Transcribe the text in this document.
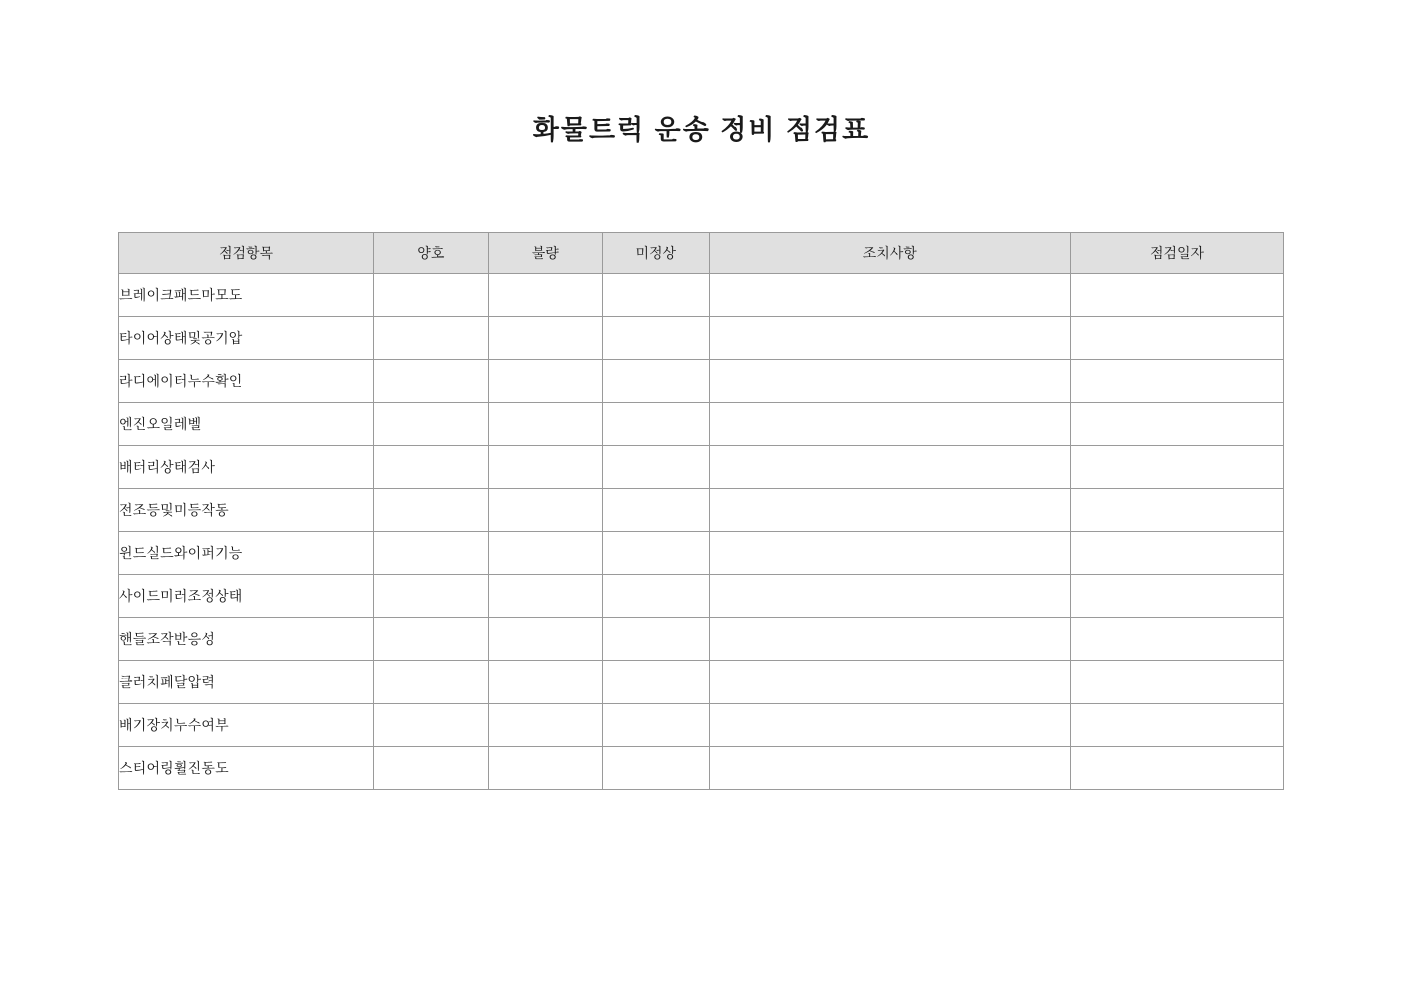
화물트럭 운송 정비 점검표
점검항목	양호	불량	미정상	조치사항	점검일자
브레이크패드마모도					
타이어상태및공기압					
라디에이터누수확인					
엔진오일레벨					
배터리상태검사					
전조등및미등작동					
윈드실드와이퍼기능					
사이드미러조정상태					
핸들조작반응성					
클러치페달압력					
배기장치누수여부					
스티어링휠진동도					
